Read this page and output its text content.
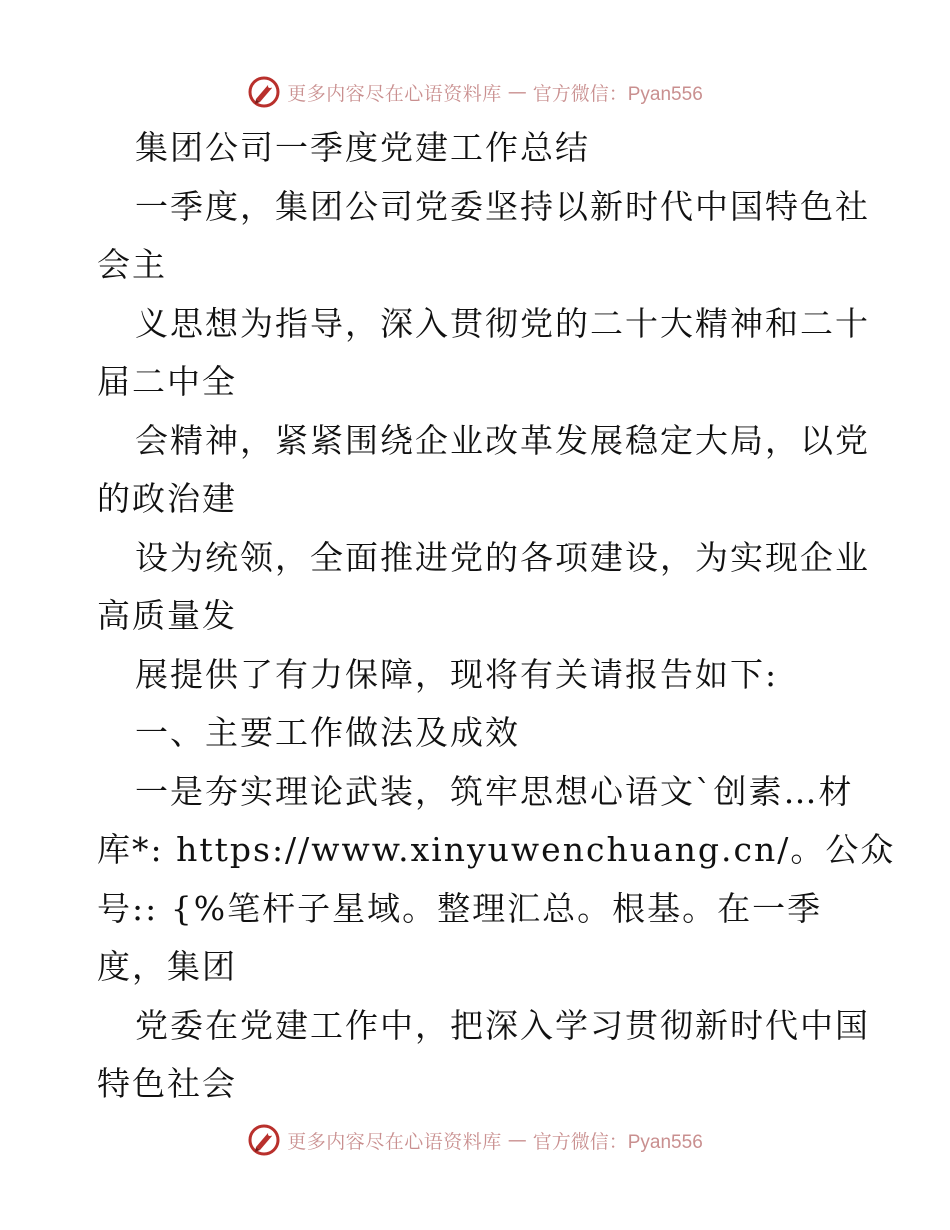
更多内容尽在心语资料库 — 官方微信：Pyan556
集团公司一季度党建工作总结
一季度，集团公司党委坚持以新时代中国特色社
会主
义思想为指导，深入贯彻党的二十大精神和二十
届二中全
会精神，紧紧围绕企业改革发展稳定大局，以党
的政治建
设为统领，全面推进党的各项建设，为实现企业
高质量发
展提供了有力保障，现将有关请报告如下:
一、主要工作做法及成效
一是夯实理论武装，筑牢思想心语文`创素…材
库*: https://www.xinyuwenchuang.cn/。公众
号:: {%笔杆子星域。整理汇总。根基。在一季
度，集团
党委在党建工作中，把深入学习贯彻新时代中国
特色社会
更多内容尽在心语资料库 — 官方微信：Pyan556
